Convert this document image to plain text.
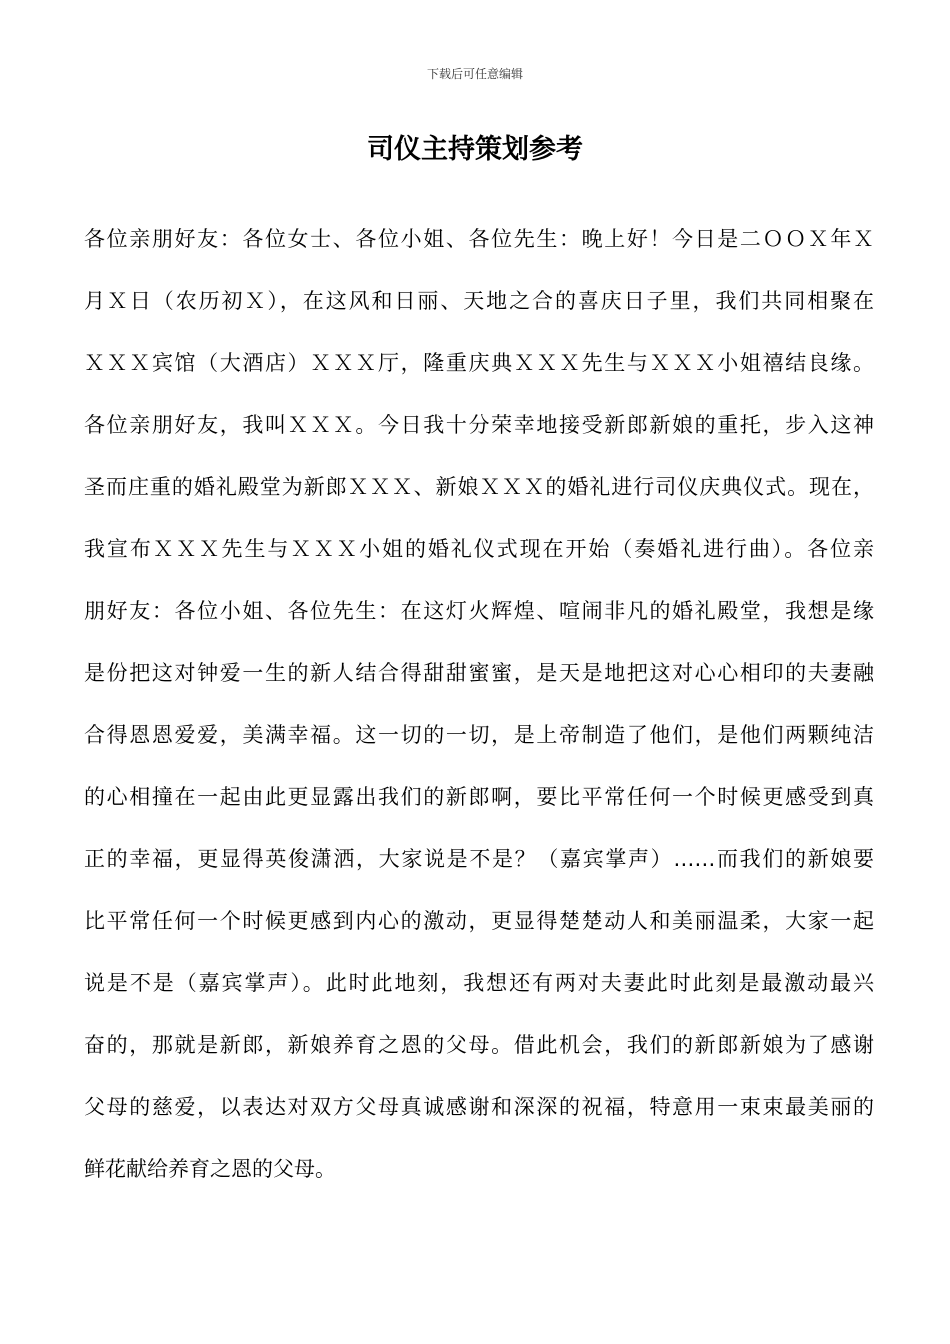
下载后可任意编辑
司仪主持策划参考
各位亲朋好友：各位女士、各位小姐、各位先生：晚上好！今日是二ＯＯＸ年Ｘ
月Ｘ日（农历初Ｘ），在这风和日丽、天地之合的喜庆日子里，我们共同相聚在
ＸＸＸ宾馆（大酒店）ＸＸＸ厅，隆重庆典ＸＸＸ先生与ＸＸＸ小姐禧结良缘。
各位亲朋好友，我叫ＸＸＸ。今日我十分荣幸地接受新郎新娘的重托，步入这神
圣而庄重的婚礼殿堂为新郎ＸＸＸ、新娘ＸＸＸ的婚礼进行司仪庆典仪式。现在，
我宣布ＸＸＸ先生与ＸＸＸ小姐的婚礼仪式现在开始（奏婚礼进行曲）。各位亲
朋好友：各位小姐、各位先生：在这灯火辉煌、喧闹非凡的婚礼殿堂，我想是缘
是份把这对钟爱一生的新人结合得甜甜蜜蜜，是天是地把这对心心相印的夫妻融
合得恩恩爱爱，美满幸福。这一切的一切，是上帝制造了他们，是他们两颗纯洁
的心相撞在一起由此更显露出我们的新郎啊，要比平常任何一个时候更感受到真
正的幸福，更显得英俊潇洒，大家说是不是？（嘉宾掌声）……而我们的新娘要
比平常任何一个时候更感到内心的激动，更显得楚楚动人和美丽温柔，大家一起
说是不是（嘉宾掌声）。此时此地刻，我想还有两对夫妻此时此刻是最激动最兴
奋的，那就是新郎，新娘养育之恩的父母。借此机会，我们的新郎新娘为了感谢
父母的慈爱，以表达对双方父母真诚感谢和深深的祝福，特意用一束束最美丽的
鲜花献给养育之恩的父母。
